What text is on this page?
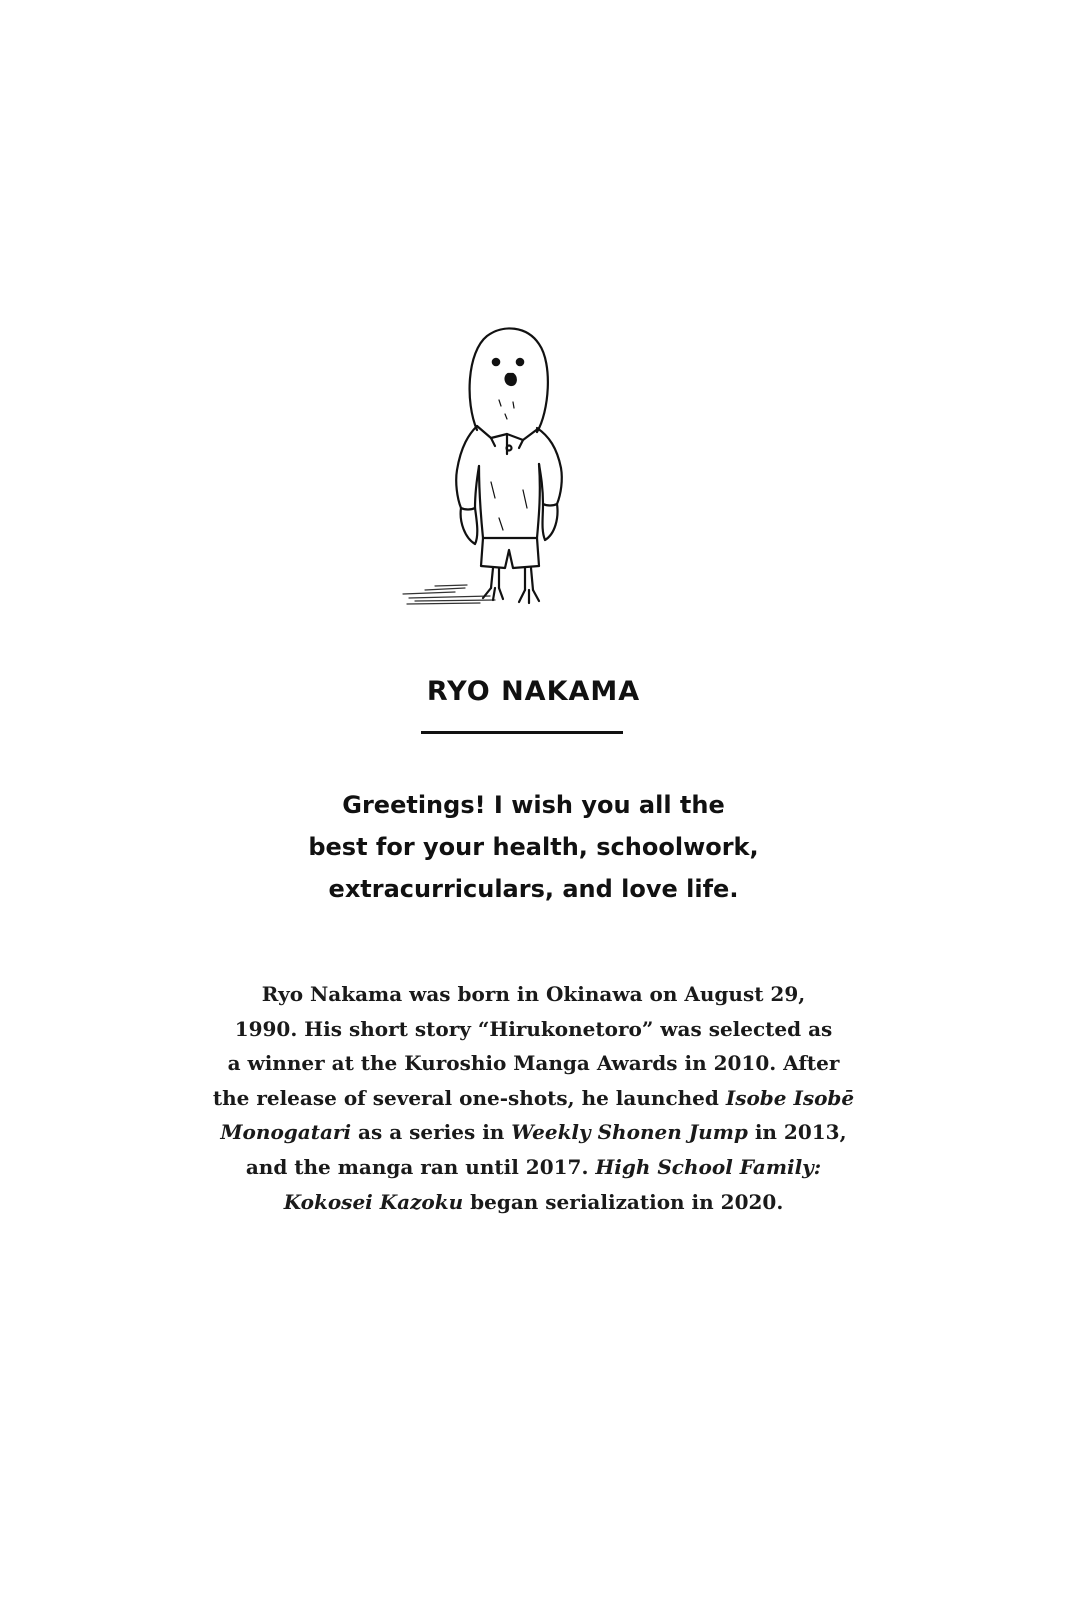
RYO NAKAMA
Greetings! I wish you all the
best for your health, schoolwork,
extracurriculars, and love life.
Ryo Nakama was born in Okinawa on August 29,
1990. His short story “Hirukonetoro” was selected as
a winner at the Kuroshio Manga Awards in 2010. After
the release of several one-shots, he launched Isobe Isobē
Monogatari as a series in Weekly Shonen Jump in 2013,
and the manga ran until 2017. High School Family:
Kokosei Kazoku began serialization in 2020.
